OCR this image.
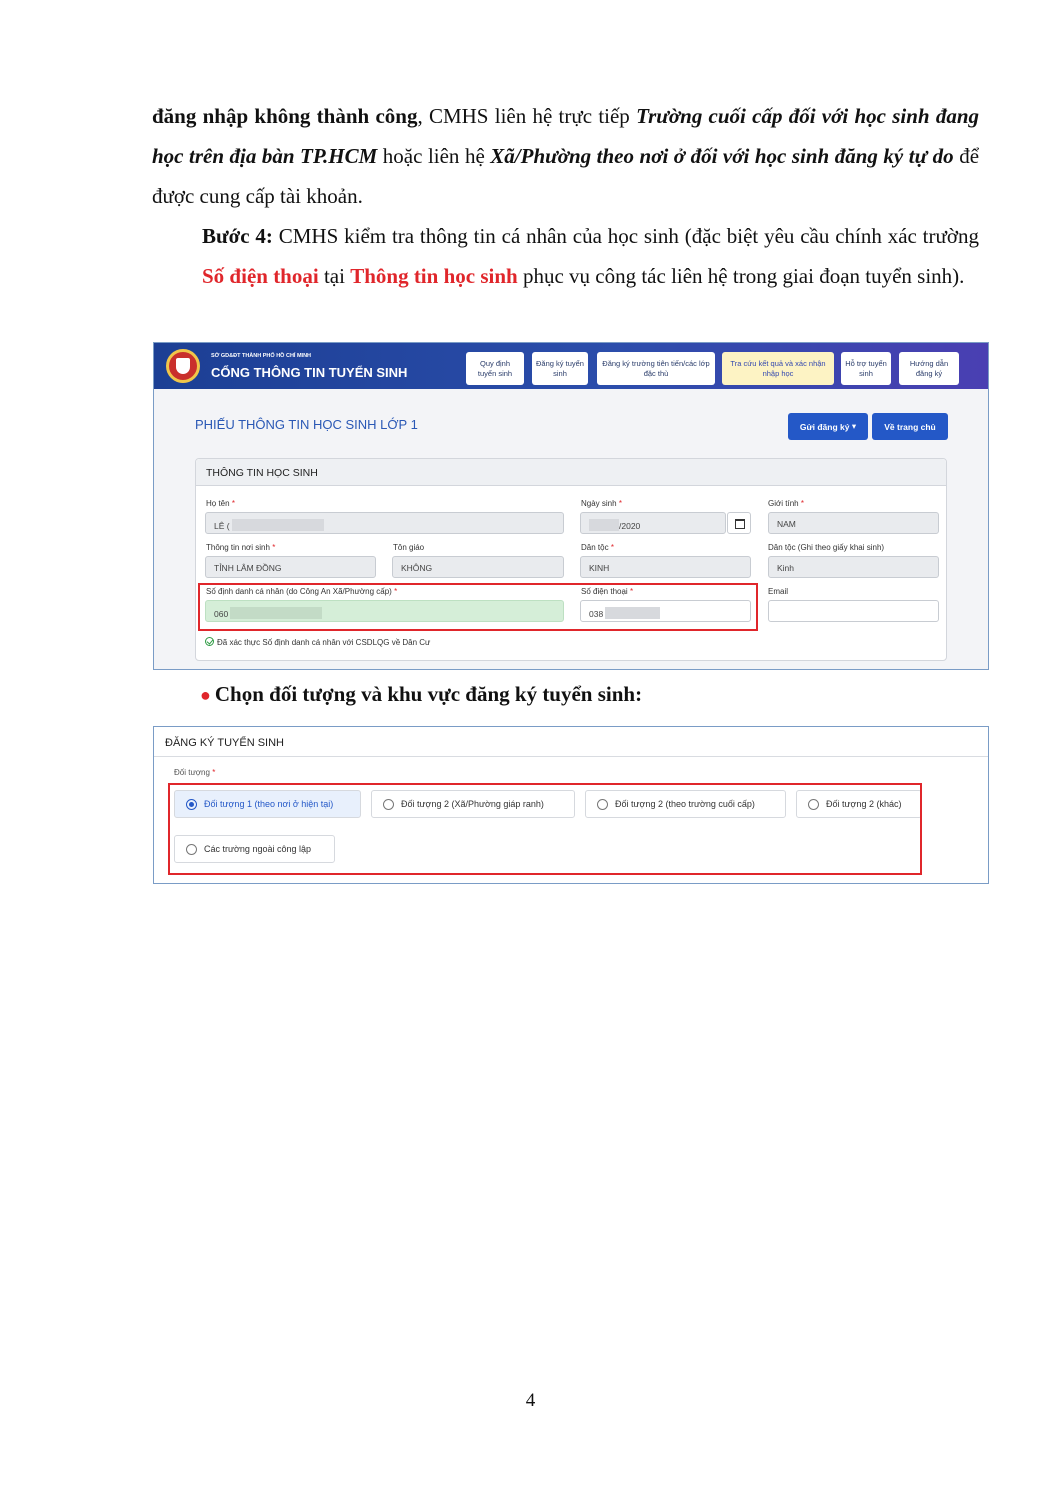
đăng nhập không thành công, CMHS liên hệ trực tiếp Trường cuối cấp đối với học sinh đang học trên địa bàn TP.HCM hoặc liên hệ Xã/Phường theo nơi ở đối với học sinh đăng ký tự do để được cung cấp tài khoản.
Bước 4: CMHS kiểm tra thông tin cá nhân của học sinh (đặc biệt yêu cầu chính xác trường Số điện thoại tại Thông tin học sinh phục vụ công tác liên hệ trong giai đoạn tuyển sinh).
SỞ GD&ĐT THÀNH PHỐ HỒ CHÍ MINH
CỔNG THÔNG TIN TUYỂN SINH
Quy định tuyển sinh
Đăng ký tuyển sinh
Đăng ký trường tiên tiến/các lớp đặc thù
Tra cứu kết quả và xác nhận nhập học
Hỗ trợ tuyển sinh
Hướng dẫn đăng ký
PHIẾU THÔNG TIN HỌC SINH LỚP 1	Gửi đăng ký
▾	Về trang chủ
THÔNG TIN HỌC SINH
Họ tên *
LÊ (
Ngày sinh *
/2020
Giới tính *
NAM
Thông tin nơi sinh *
TỈNH LÂM ĐỒNG
Tôn giáo
KHÔNG
Dân tộc *
KINH
Dân tộc (Ghi theo giấy khai sinh)
Kinh
Số định danh cá nhân (do Công An Xã/Phường cấp) *
060
Số điện thoại *
038
Email
Đã xác thực Số định danh cá nhân với CSDLQG về Dân Cư
● Chọn đối tượng và khu vực đăng ký tuyển sinh:
ĐĂNG KÝ TUYỂN SINH
Đối tượng *
Đối tượng 1 (theo nơi ở hiện tại)	Đối tượng 2 (Xã/Phường giáp ranh)	Đối tượng 2 (theo trường cuối cấp)	Đối tượng 2 (khác)
Các trường ngoài công lập
4
